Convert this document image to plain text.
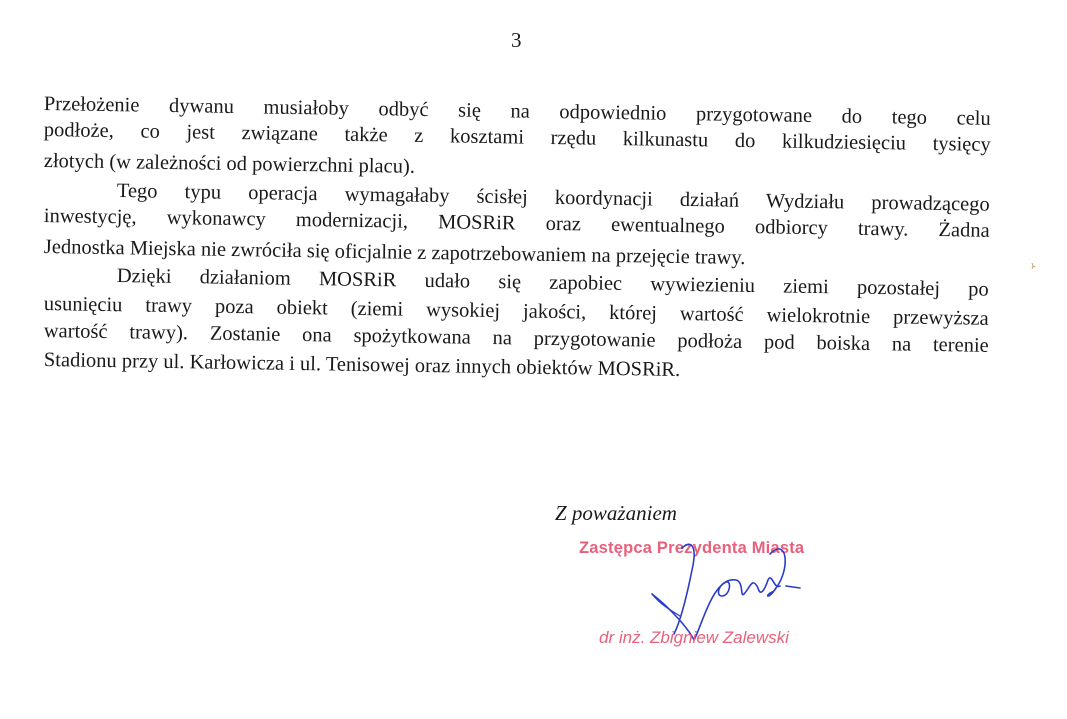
3
Przełożenie dywanu musiałoby odbyć się na odpowiednio przygotowane do tego celu
podłoże, co jest związane także z kosztami rzędu kilkunastu do kilkudziesięciu tysięcy
złotych (w zależności od powierzchni placu).
Tego typu operacja wymagałaby ścisłej koordynacji działań Wydziału prowadzącego
inwestycję, wykonawcy modernizacji, MOSRiR oraz ewentualnego odbiorcy trawy. Żadna
Jednostka Miejska nie zwróciła się oficjalnie z zapotrzebowaniem na przejęcie trawy.
Dzięki działaniom MOSRiR udało się zapobiec wywiezieniu ziemi pozostałej po
usunięciu trawy poza obiekt (ziemi wysokiej jakości, której wartość wielokrotnie przewyższa
wartość trawy). Zostanie ona spożytkowana na przygotowanie podłoża pod boiska na terenie
Stadionu przy ul. Karłowicza i ul. Tenisowej oraz innych obiektów MOSRiR.
Z poważaniem
Zastępca Prezydenta Miasta
dr inż. Zbigniew Zalewski
